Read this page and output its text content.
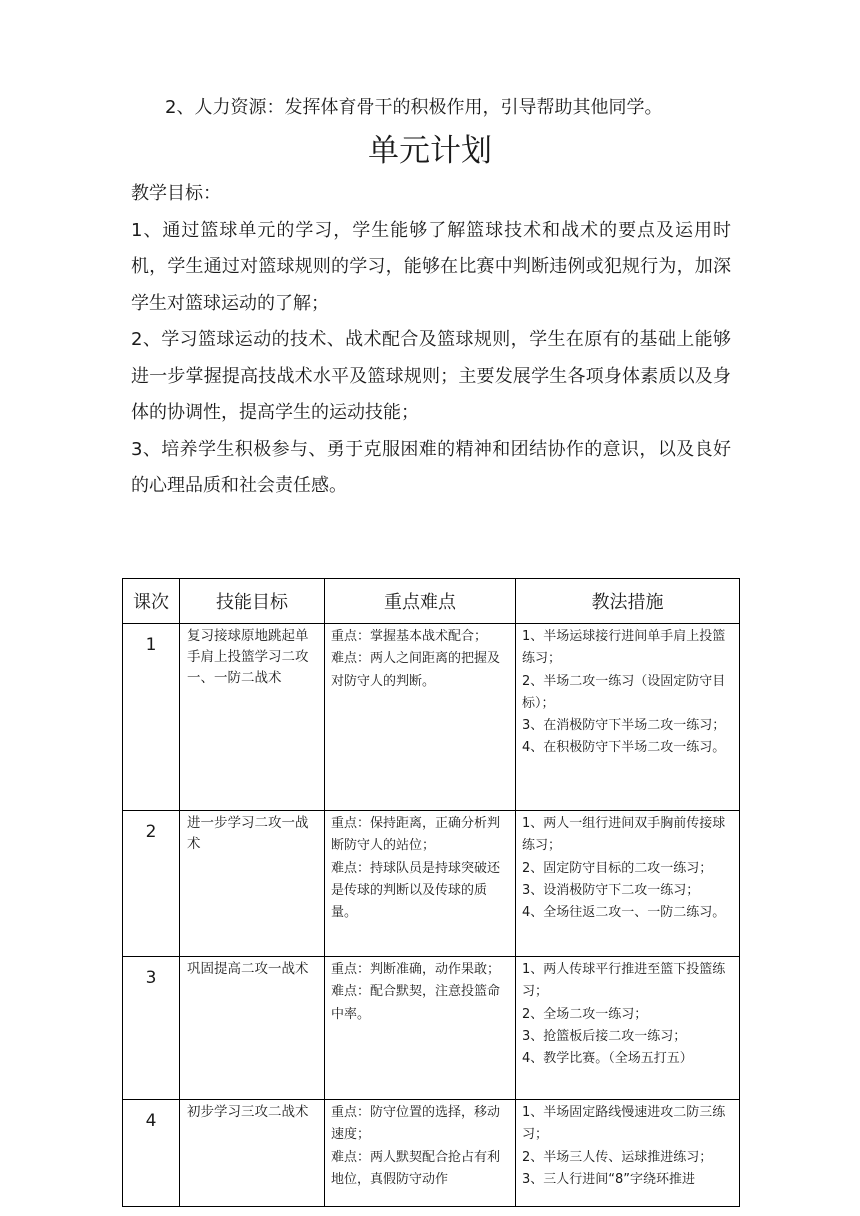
2、人力资源：发挥体育骨干的积极作用，引导帮助其他同学。
单元计划

教学目标：

1、通过篮球单元的学习，学生能够了解篮球技术和战术的要点及运用时机，学生通过对篮球规则的学习，能够在比赛中判断违例或犯规行为，加深学生对篮球运动的了解；

2、学习篮球运动的技术、战术配合及篮球规则，学生在原有的基础上能够进一步掌握提高技战术水平及篮球规则；主要发展学生各项身体素质以及身体的协调性，提高学生的运动技能；

3、培养学生积极参与、勇于克服困难的精神和团结协作的意识，以及良好的心理品质和社会责任感。

课次	技能目标	重点难点	教法措施
1	复习接球原地跳起单手肩上投篮学习二攻一、一防二战术	重点：掌握基本战术配合；
难点：两人之间距离的把握及对防守人的判断。	1、半场运球接行进间单手肩上投篮练习；
2、半场二攻一练习（设固定防守目标）；
3、在消极防守下半场二攻一练习；
4、在积极防守下半场二攻一练习。

2	进一步学习二攻一战术	重点：保持距离，正确分析判断防守人的站位；
难点：持球队员是持球突破还是传球的判断以及传球的质量。	1、两人一组行进间双手胸前传接球练习；
2、固定防守目标的二攻一练习；
3、设消极防守下二攻一练习；
4、全场往返二攻一、一防二练习。

3	巩固提高二攻一战术	重点：判断准确，动作果敢；
难点：配合默契，注意投篮命中率。	1、两人传球平行推进至篮下投篮练习；
2、全场二攻一练习；
3、抢篮板后接二攻一练习；
4、教学比赛。（全场五打五）

4	初步学习三攻二战术	重点：防守位置的选择，移动速度；
难点：两人默契配合抢占有利地位，真假防守动作	1、半场固定路线慢速进攻二防三练习；
2、半场三人传、运球推进练习；
3、三人行进间“8”字绕环推进
